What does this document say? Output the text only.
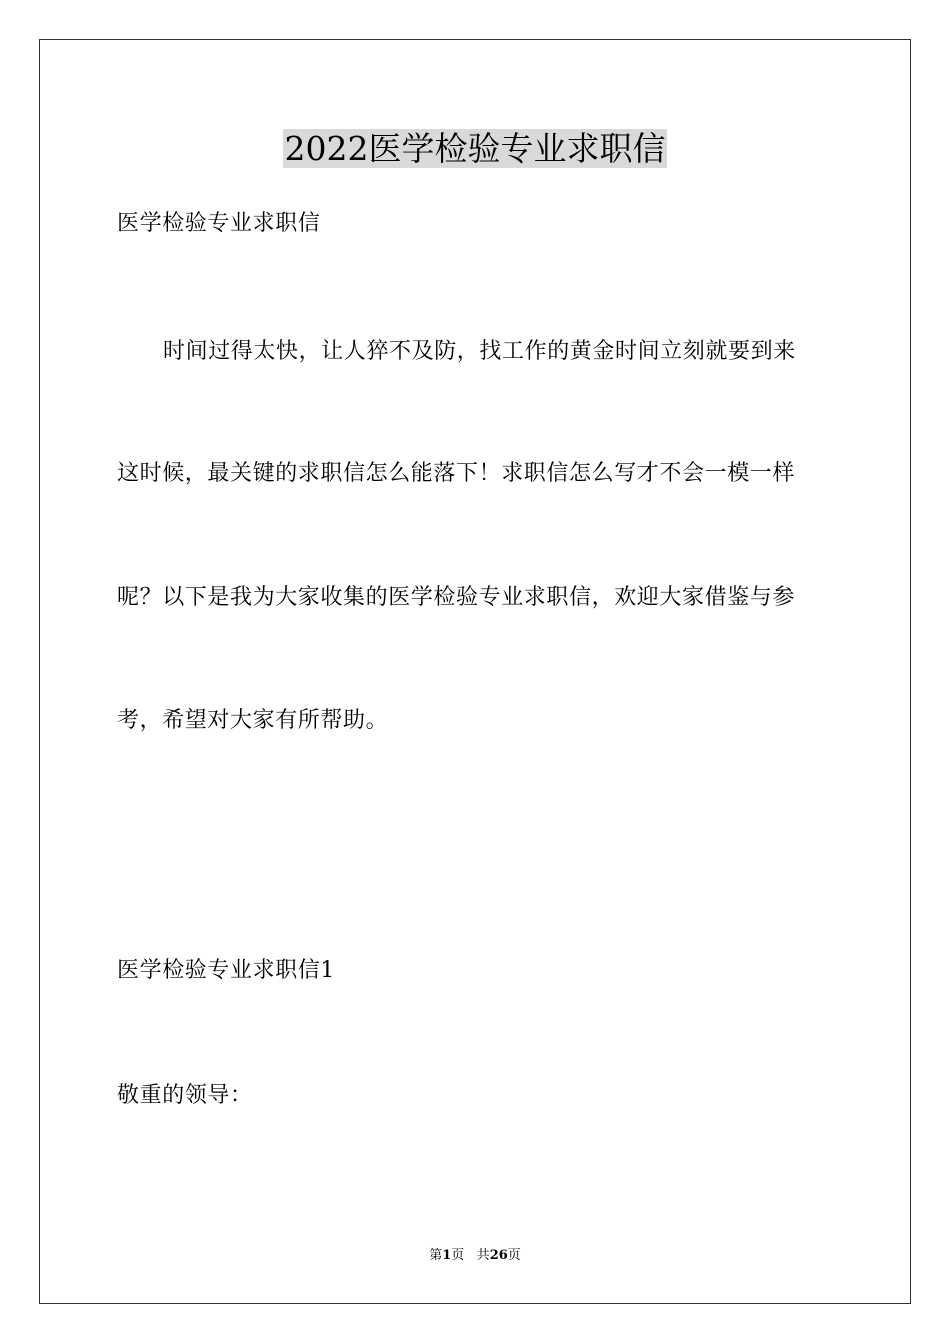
2022医学检验专业求职信
医学检验专业求职信
时间过得太快，让人猝不及防，找工作的黄金时间立刻就要到来
这时候，最关键的求职信怎么能落下！求职信怎么写才不会一模一样
呢？以下是我为大家收集的医学检验专业求职信，欢迎大家借鉴与参
考，希望对大家有所帮助。
医学检验专业求职信1
敬重的领导：
第1页 共26页
